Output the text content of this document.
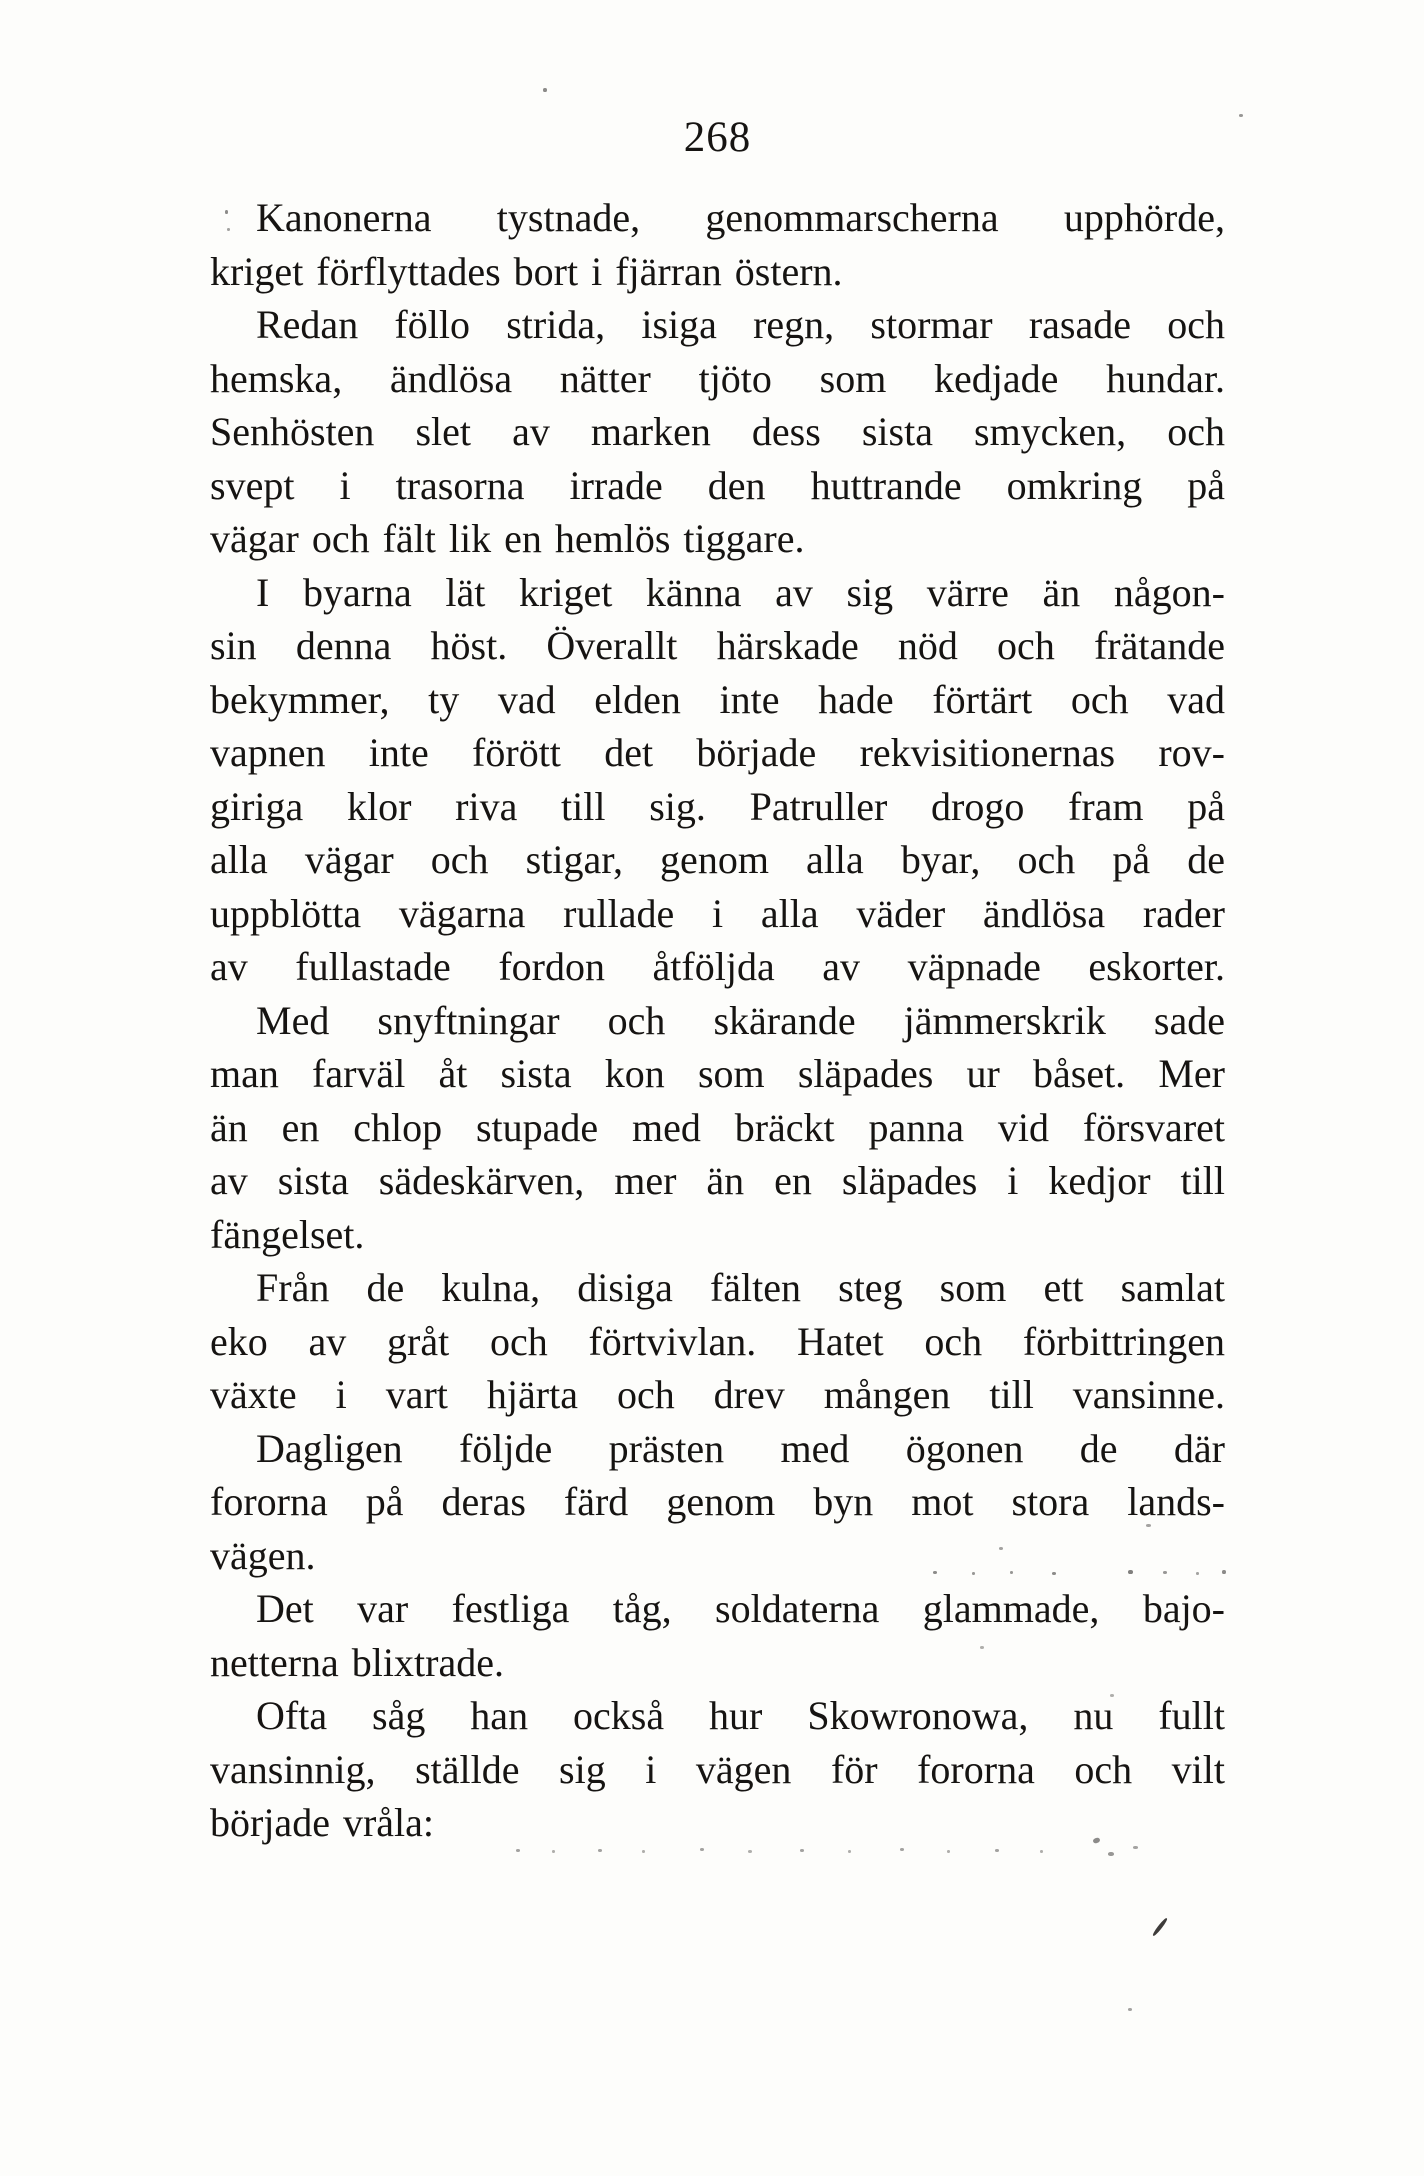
268
Kanonerna tystnade, genommarscherna upphörde,
kriget förflyttades bort i fjärran östern.
Redan föllo strida, isiga regn, stormar rasade och
hemska, ändlösa nätter tjöto som kedjade hundar.
Senhösten slet av marken dess sista smycken, och
svept i trasorna irrade den huttrande omkring på
vägar och fält lik en hemlös tiggare.
I byarna lät kriget känna av sig värre än någon-
sin denna höst. Överallt härskade nöd och frätande
bekymmer, ty vad elden inte hade förtärt och vad
vapnen inte förött det började rekvisitionernas rov-
giriga klor riva till sig. Patruller drogo fram på
alla vägar och stigar, genom alla byar, och på de
uppblötta vägarna rullade i alla väder ändlösa rader
av fullastade fordon åtföljda av väpnade eskorter.
Med snyftningar och skärande jämmerskrik sade
man farväl åt sista kon som släpades ur båset. Mer
än en chlop stupade med bräckt panna vid försvaret
av sista sädeskärven, mer än en släpades i kedjor till
fängelset.
Från de kulna, disiga fälten steg som ett samlat
eko av gråt och förtvivlan. Hatet och förbittringen
växte i vart hjärta och drev mången till vansinne.
Dagligen följde prästen med ögonen de där
fororna på deras färd genom byn mot stora lands-
vägen.
Det var festliga tåg, soldaterna glammade, bajo-
netterna blixtrade.
Ofta såg han också hur Skowronowa, nu fullt
vansinnig, ställde sig i vägen för fororna och vilt
började vråla:
